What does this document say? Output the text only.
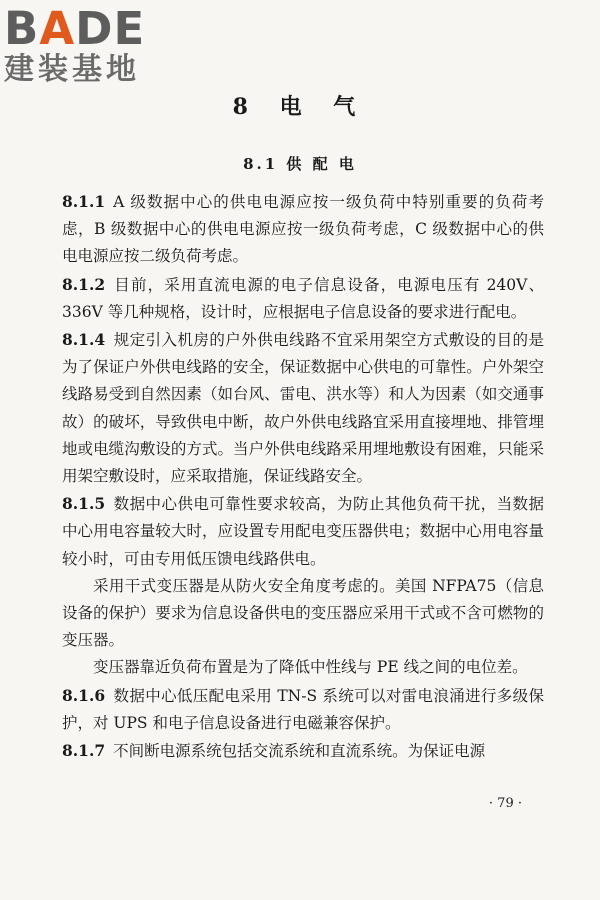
BADE
建装基地
8 电 气
8.1 供 配 电

8.1.1 A 级数据中心的供电电源应按一级负荷中特别重要的负荷考虑，B 级数据中心的供电电源应按一级负荷考虑，C 级数据中心的供电电源应按二级负荷考虑。

8.1.2 目前，采用直流电源的电子信息设备，电源电压有 240V、336V 等几种规格，设计时，应根据电子信息设备的要求进行配电。

8.1.4 规定引入机房的户外供电线路不宜采用架空方式敷设的目的是为了保证户外供电线路的安全，保证数据中心供电的可靠性。户外架空线路易受到自然因素（如台风、雷电、洪水等）和人为因素（如交通事故）的破坏，导致供电中断，故户外供电线路宜采用直接埋地、排管埋地或电缆沟敷设的方式。当户外供电线路采用埋地敷设有困难，只能采用架空敷设时，应采取措施，保证线路安全。

8.1.5 数据中心供电可靠性要求较高，为防止其他负荷干扰，当数据中心用电容量较大时，应设置专用配电变压器供电；数据中心用电容量较小时，可由专用低压馈电线路供电。

采用干式变压器是从防火安全角度考虑的。美国 NFPA75（信息设备的保护）要求为信息设备供电的变压器应采用干式或不含可燃物的变压器。

变压器靠近负荷布置是为了降低中性线与 PE 线之间的电位差。

8.1.6 数据中心低压配电采用 TN-S 系统可以对雷电浪涌进行多级保护，对 UPS 和电子信息设备进行电磁兼容保护。

8.1.7 不间断电源系统包括交流系统和直流系统。为保证电源

· 79 ·
